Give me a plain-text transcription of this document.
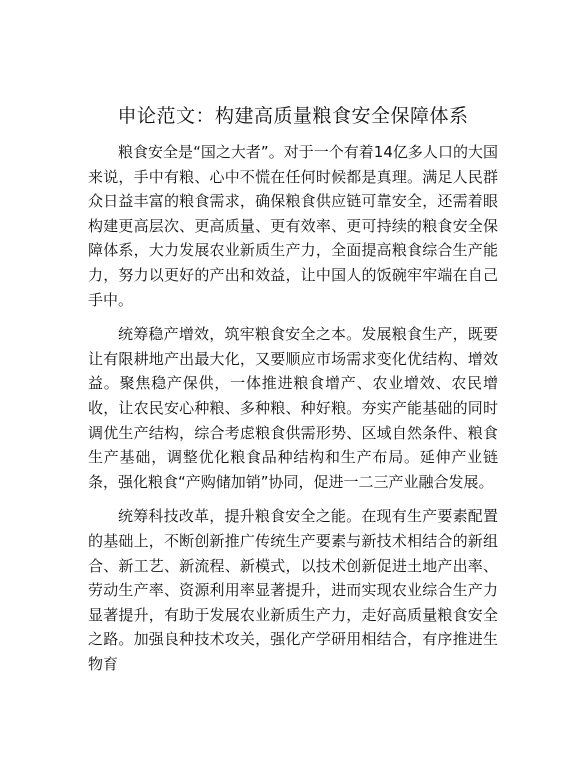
申论范文：构建高质量粮食安全保障体系

粮食安全是“国之大者”。对于一个有着14亿多人口的大国来说，手中有粮、心中不慌在任何时候都是真理。满足人民群众日益丰富的粮食需求，确保粮食供应链可靠安全，还需着眼构建更高层次、更高质量、更有效率、更可持续的粮食安全保障体系，大力发展农业新质生产力，全面提高粮食综合生产能力，努力以更好的产出和效益，让中国人的饭碗牢牢端在自己手中。

统筹稳产增效，筑牢粮食安全之本。发展粮食生产，既要让有限耕地产出最大化，又要顺应市场需求变化优结构、增效益。聚焦稳产保供，一体推进粮食增产、农业增效、农民增收，让农民安心种粮、多种粮、种好粮。夯实产能基础的同时调优生产结构，综合考虑粮食供需形势、区域自然条件、粮食生产基础，调整优化粮食品种结构和生产布局。延伸产业链条，强化粮食“产购储加销”协同，促进一二三产业融合发展。

统筹科技改革，提升粮食安全之能。在现有生产要素配置的基础上，不断创新推广传统生产要素与新技术相结合的新组合、新工艺、新流程、新模式，以技术创新促进土地产出率、劳动生产率、资源利用率显著提升，进而实现农业综合生产力显著提升，有助于发展农业新质生产力，走好高质量粮食安全之路。加强良种技术攻关，强化产学研用相结合，有序推进生物育
